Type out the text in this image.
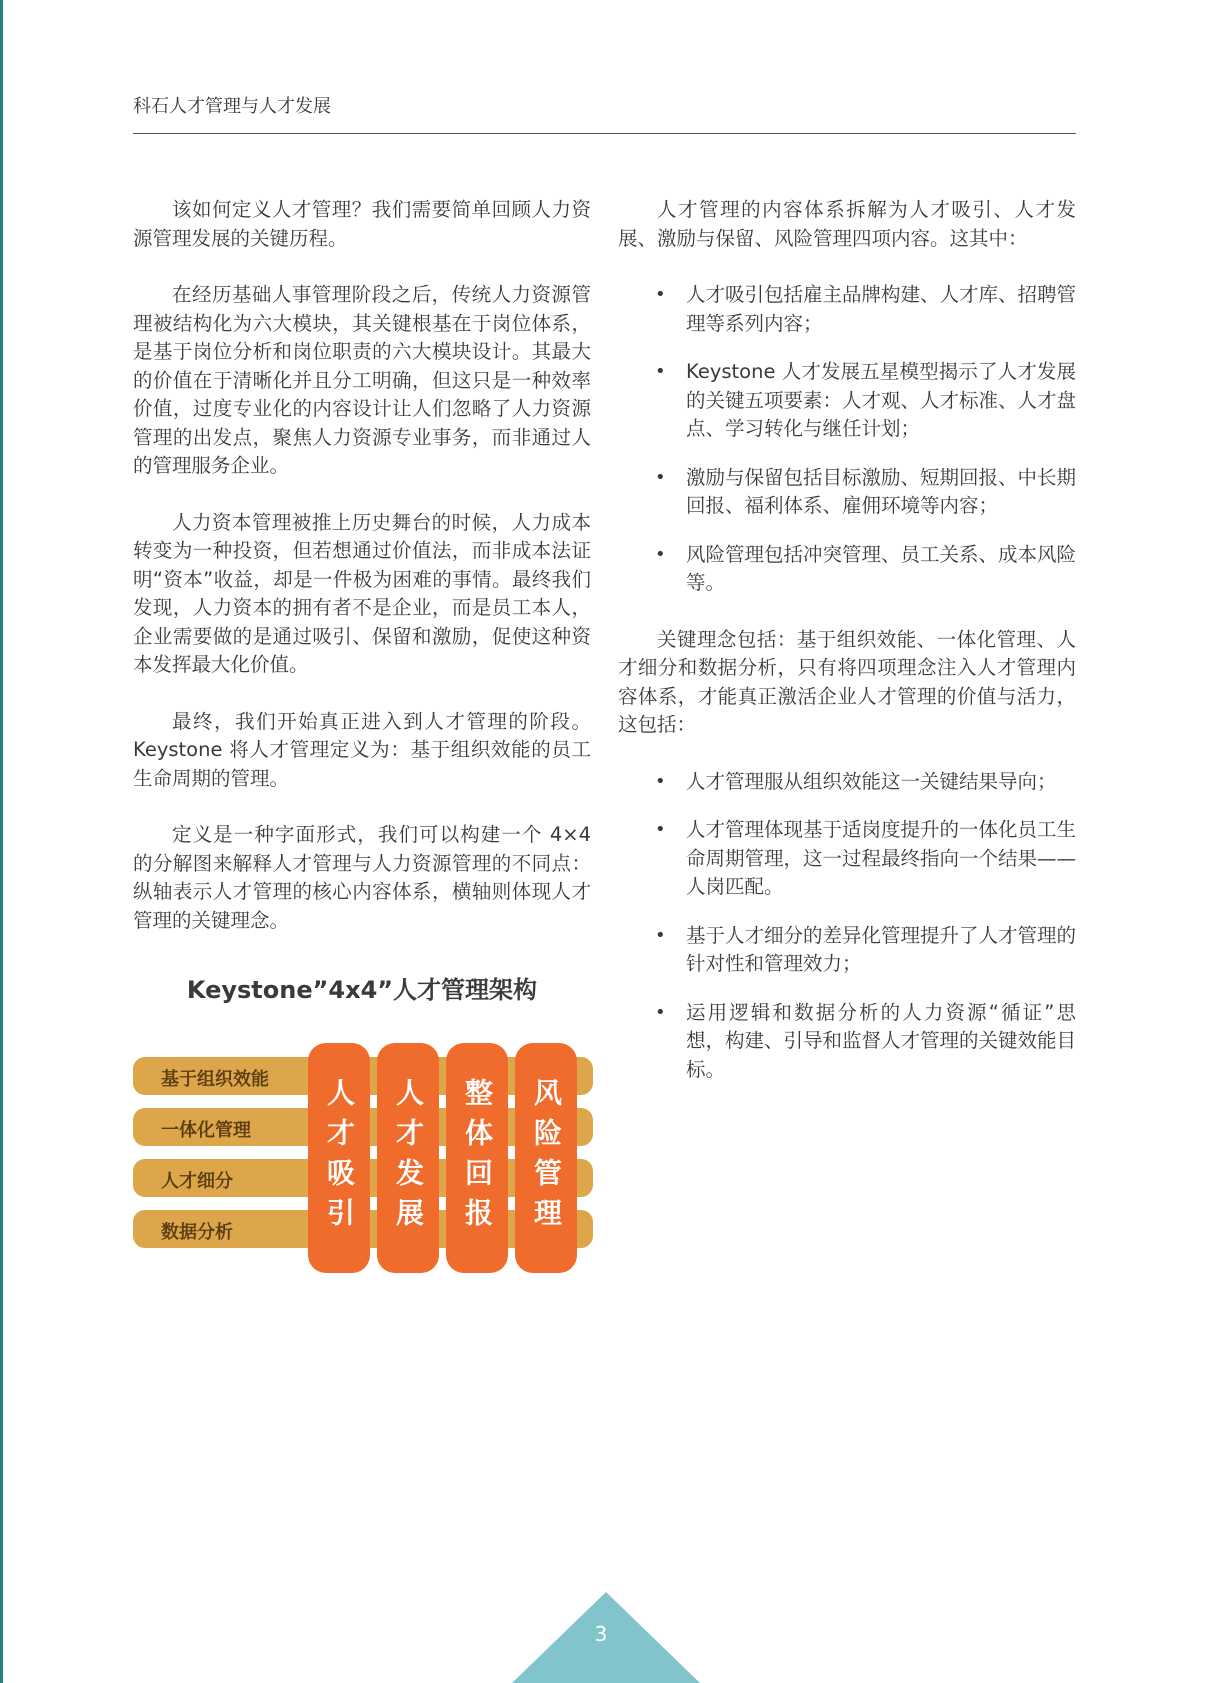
科石人才管理与人才发展

该如何定义人才管理？我们需要简单回顾人力资源管理发展的关键历程。

在经历基础人事管理阶段之后，传统人力资源管理被结构化为六大模块，其关键根基在于岗位体系，是基于岗位分析和岗位职责的六大模块设计。其最大的价值在于清晰化并且分工明确，但这只是一种效率价值，过度专业化的内容设计让人们忽略了人力资源管理的出发点，聚焦人力资源专业事务，而非通过人的管理服务企业。

人力资本管理被推上历史舞台的时候，人力成本转变为一种投资，但若想通过价值法，而非成本法证明“资本”收益，却是一件极为困难的事情。最终我们发现，人力资本的拥有者不是企业，而是员工本人，企业需要做的是通过吸引、保留和激励，促使这种资本发挥最大化价值。

最终，我们开始真正进入到人才管理的阶段。Keystone 将人才管理定义为：基于组织效能的员工生命周期的管理。

定义是一种字面形式，我们可以构建一个 4×4 的分解图来解释人才管理与人力资源管理的不同点：纵轴表示人才管理的核心内容体系，横轴则体现人才管理的关键理念。

Keystone”4x4”人才管理架构
基于组织效能
一体化管理
人才细分
数据分析	人才吸引 人才发展 整体回报 风险管理

人才管理的内容体系拆解为人才吸引、人才发展、激励与保留、风险管理四项内容。这其中：

• 人才吸引包括雇主品牌构建、人才库、招聘管理等系列内容；
• Keystone 人才发展五星模型揭示了人才发展的关键五项要素：人才观、人才标准、人才盘点、学习转化与继任计划；
• 激励与保留包括目标激励、短期回报、中长期回报、福利体系、雇佣环境等内容；
• 风险管理包括冲突管理、员工关系、成本风险等。

关键理念包括：基于组织效能、一体化管理、人才细分和数据分析，只有将四项理念注入人才管理内容体系，才能真正激活企业人才管理的价值与活力，这包括：

• 人才管理服从组织效能这一关键结果导向；
• 人才管理体现基于适岗度提升的一体化员工生命周期管理，这一过程最终指向一个结果——人岗匹配。
• 基于人才细分的差异化管理提升了人才管理的针对性和管理效力；
• 运用逻辑和数据分析的人力资源“循证”思想，构建、引导和监督人才管理的关键效能目标。
3
